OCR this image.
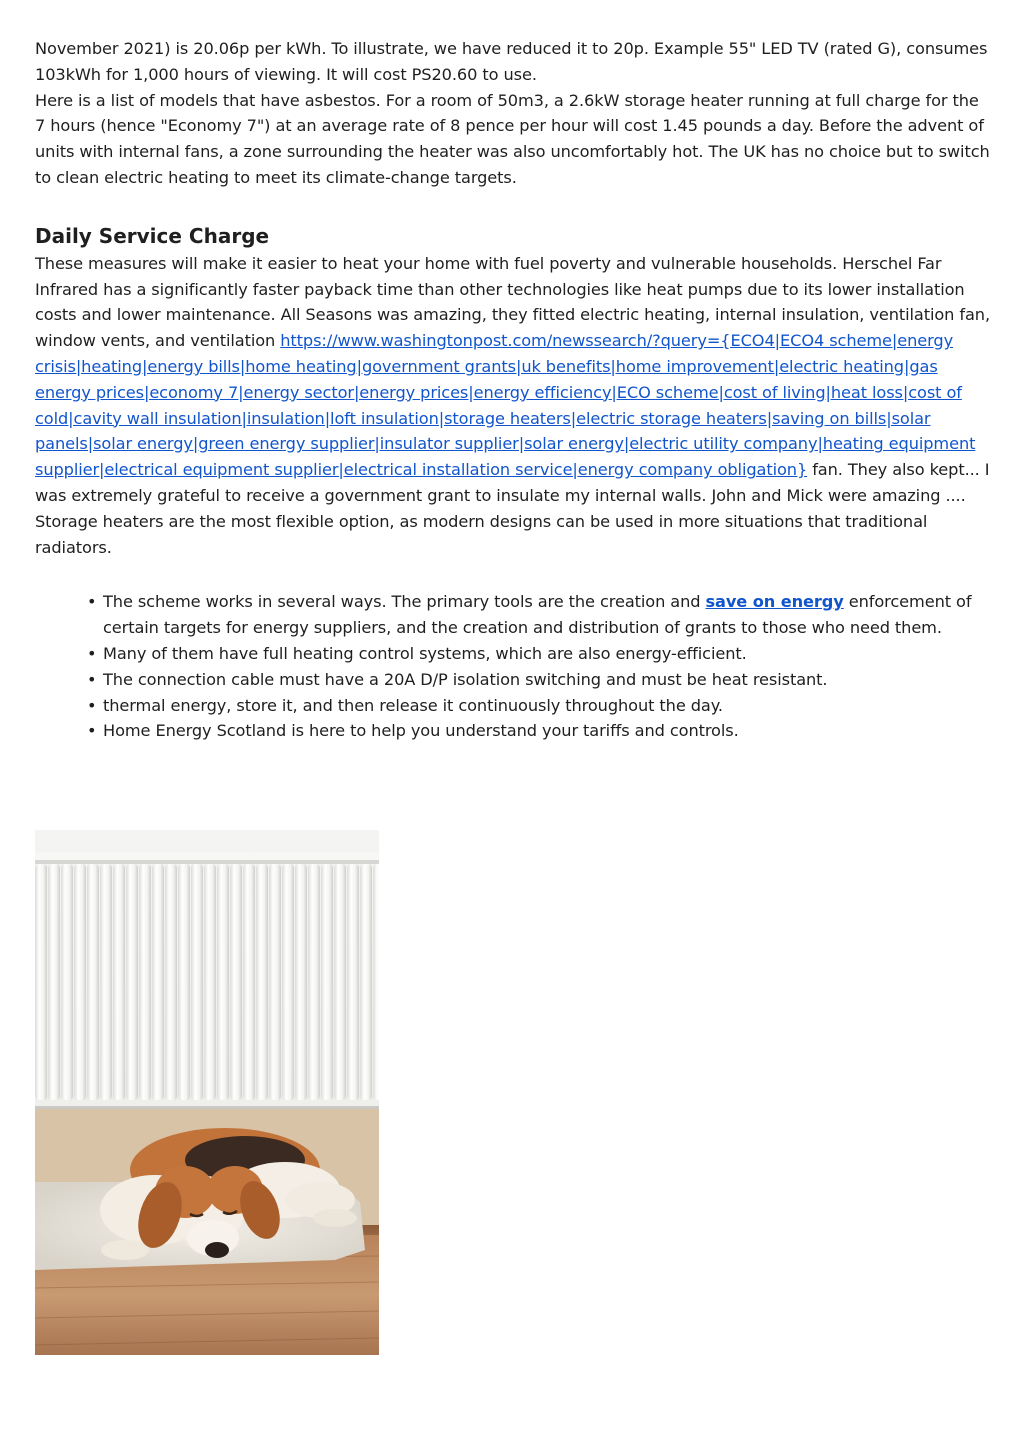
November 2021) is 20.06p per kWh. To illustrate, we have reduced it to 20p. Example 55" LED TV (rated G), consumes 103kWh for 1,000 hours of viewing. It will cost PS20.60 to use.

Here is a list of models that have asbestos. For a room of 50m3, a 2.6kW storage heater running at full charge for the 7 hours (hence "Economy 7") at an average rate of 8 pence per hour will cost 1.45 pounds a day. Before the advent of units with internal fans, a zone surrounding the heater was also uncomfortably hot. The UK has no choice but to switch to clean electric heating to meet its climate-change targets.

Daily Service Charge

These measures will make it easier to heat your home with fuel poverty and vulnerable households. Herschel Far Infrared has a significantly faster payback time than other technologies like heat pumps due to its lower installation costs and lower maintenance. All Seasons was amazing, they fitted electric heating, internal insulation, ventilation fan, window vents, and ventilation https://www.washingtonpost.com/newssearch/?query={ECO4|ECO4 scheme|energy crisis|heating|energy bills|home heating|government grants|uk benefits|home improvement|electric heating|gas energy prices|economy 7|energy sector|energy prices|energy efficiency|ECO scheme|cost of living|heat loss|cost of cold|cavity wall insulation|insulation|loft insulation|storage heaters|electric storage heaters|saving on bills|solar panels|solar energy|green energy supplier|insulator supplier|solar energy|electric utility company|heating equipment supplier|electrical equipment supplier|electrical installation service|energy company obligation} fan. They also kept... I was extremely grateful to receive a government grant to insulate my internal walls. John and Mick were amazing .... Storage heaters are the most flexible option, as modern designs can be used in more situations that traditional radiators.

• The scheme works in several ways. The primary tools are the creation and save on energy enforcement of certain targets for energy suppliers, and the creation and distribution of grants to those who need them.
• Many of them have full heating control systems, which are also energy-efficient.
• The connection cable must have a 20A D/P isolation switching and must be heat resistant.
• thermal energy, store it, and then release it continuously throughout the day.
• Home Energy Scotland is here to help you understand your tariffs and controls.
